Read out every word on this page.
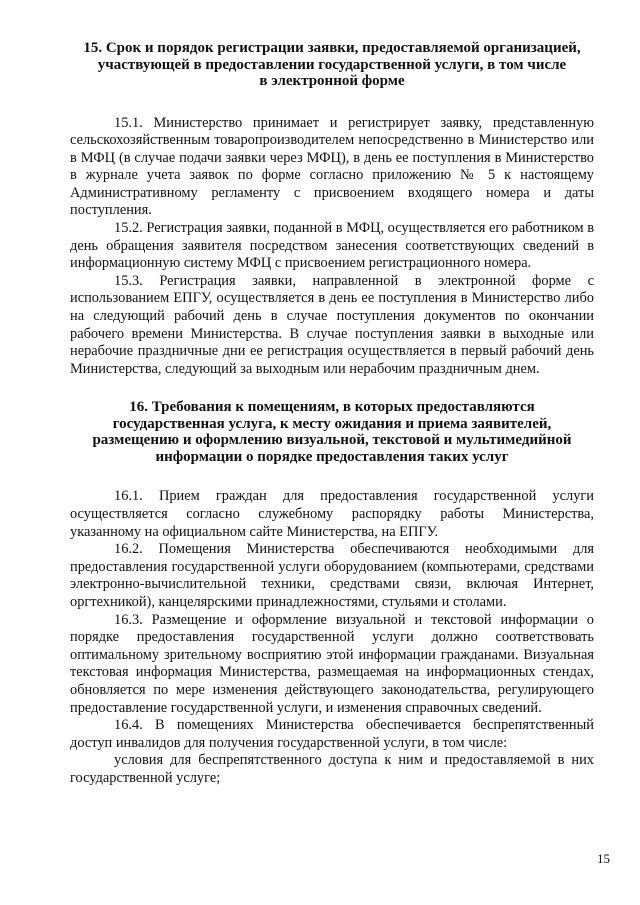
15. Срок и порядок регистрации заявки, предоставляемой организацией,
участвующей в предоставлении государственной услуги, в том числе
в электронной форме

15.1. Министерство принимает и регистрирует заявку, представленную сельскохозяйственным товаропроизводителем непосредственно в Министерство или в МФЦ (в случае подачи заявки через МФЦ), в день ее поступления в Министерство в журнале учета заявок по форме согласно приложению № 5 к настоящему Административному регламенту с присвоением входящего номера и даты поступления.

15.2. Регистрация заявки, поданной в МФЦ, осуществляется его работником в день обращения заявителя посредством занесения соответствующих сведений в информационную систему МФЦ с присвоением регистрационного номера.

15.3. Регистрация заявки, направленной в электронной форме с использованием ЕПГУ, осуществляется в день ее поступления в Министерство либо на следующий рабочий день в случае поступления документов по окончании рабочего времени Министерства. В случае поступления заявки в выходные или нерабочие праздничные дни ее регистрация осуществляется в первый рабочий день Министерства, следующий за выходным или нерабочим праздничным днем.

16. Требования к помещениям, в которых предоставляются
государственная услуга, к месту ожидания и приема заявителей,
размещению и оформлению визуальной, текстовой и мультимедийной
информации о порядке предоставления таких услуг

16.1. Прием граждан для предоставления государственной услуги осуществляется согласно служебному распорядку работы Министерства, указанному на официальном сайте Министерства, на ЕПГУ.

16.2. Помещения Министерства обеспечиваются необходимыми для предоставления государственной услуги оборудованием (компьютерами, средствами электронно-вычислительной техники, средствами связи, включая Интернет, оргтехникой), канцелярскими принадлежностями, стульями и столами.

16.3. Размещение и оформление визуальной и текстовой информации о порядке предоставления государственной услуги должно соответствовать оптимальному зрительному восприятию этой информации гражданами. Визуальная текстовая информация Министерства, размещаемая на информационных стендах, обновляется по мере изменения действующего законодательства, регулирующего предоставление государственной услуги, и изменения справочных сведений.

16.4. В помещениях Министерства обеспечивается беспрепятственный доступ инвалидов для получения государственной услуги, в том числе:

условия для беспрепятственного доступа к ним и предоставляемой в них государственной услуге;

15
